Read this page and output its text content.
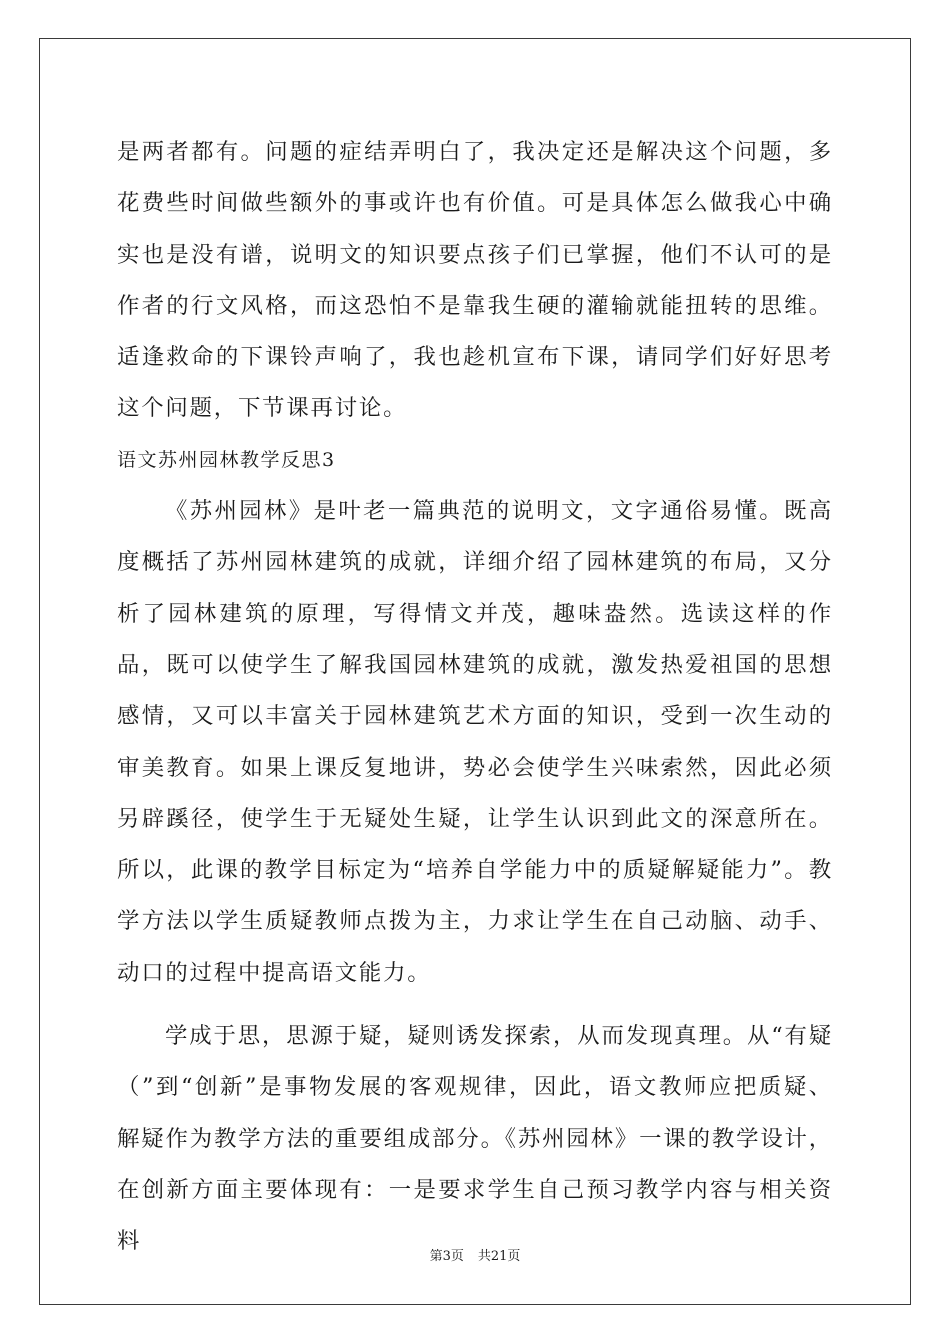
是两者都有。问题的症结弄明白了，我决定还是解决这个问题，多花费些时间做些额外的事或许也有价值。可是具体怎么做我心中确实也是没有谱，说明文的知识要点孩子们已掌握，他们不认可的是作者的行文风格，而这恐怕不是靠我生硬的灌输就能扭转的思维。适逢救命的下课铃声响了，我也趁机宣布下课，请同学们好好思考这个问题，下节课再讨论。

语文苏州园林教学反思3

《苏州园林》是叶老一篇典范的说明文，文字通俗易懂。既高度概括了苏州园林建筑的成就，详细介绍了园林建筑的布局，又分析了园林建筑的原理，写得情文并茂，趣味盎然。选读这样的作品，既可以使学生了解我国园林建筑的成就，激发热爱祖国的思想感情，又可以丰富关于园林建筑艺术方面的知识，受到一次生动的审美教育。如果上课反复地讲，势必会使学生兴味索然，因此必须另辟蹊径，使学生于无疑处生疑，让学生认识到此文的深意所在。所以，此课的教学目标定为“培养自学能力中的质疑解疑能力”。教学方法以学生质疑教师点拨为主，力求让学生在自己动脑、动手、动口的过程中提高语文能力。

学成于思，思源于疑，疑则诱发探索，从而发现真理。从“有疑（”到“创新”是事物发展的客观规律，因此，语文教师应把质疑、解疑作为教学方法的重要组成部分。《苏州园林》一课的教学设计，在创新方面主要体现有：一是要求学生自己预习教学内容与相关资料

第3页 共21页
